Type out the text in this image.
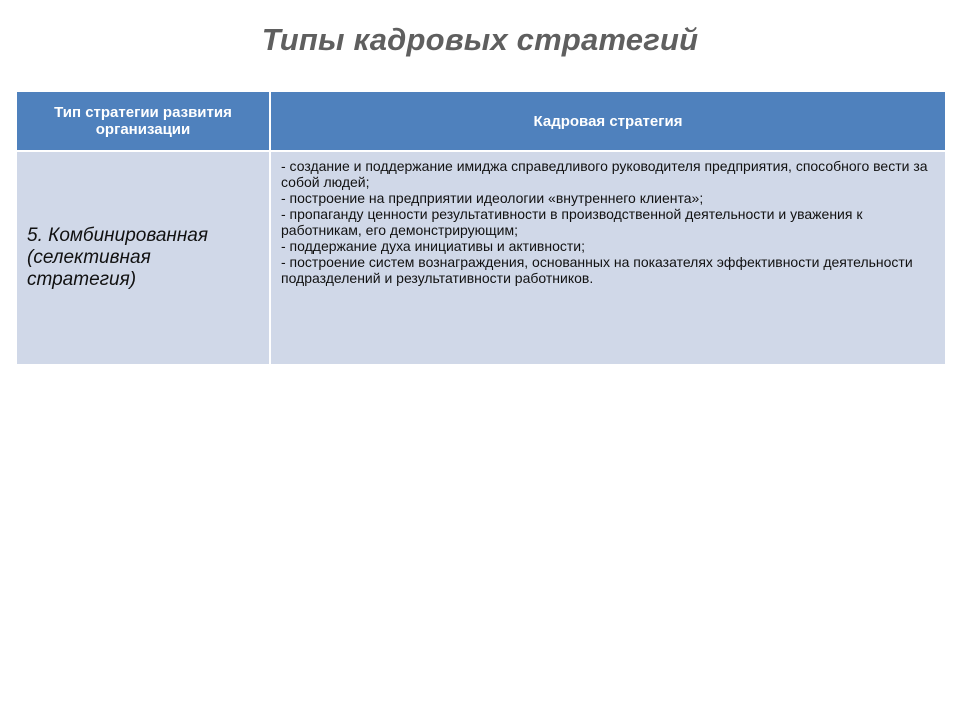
Типы кадровых стратегий
Тип стратегии развития организации	Кадровая стратегия
5. Комбинированная (селективная стратегия)	- создание и поддержание имиджа справедливого руководителя предприятия, способного вести за собой людей;
- построение на предприятии идеологии «внутреннего клиента»;
- пропаганду ценности результативности в производственной деятельности и уважения к работникам, его демонстрирующим;
- поддержание духа инициативы и активности;
- построение систем вознаграждения, основанных на показателях эффективности деятельности подразделений и результативности работников.
